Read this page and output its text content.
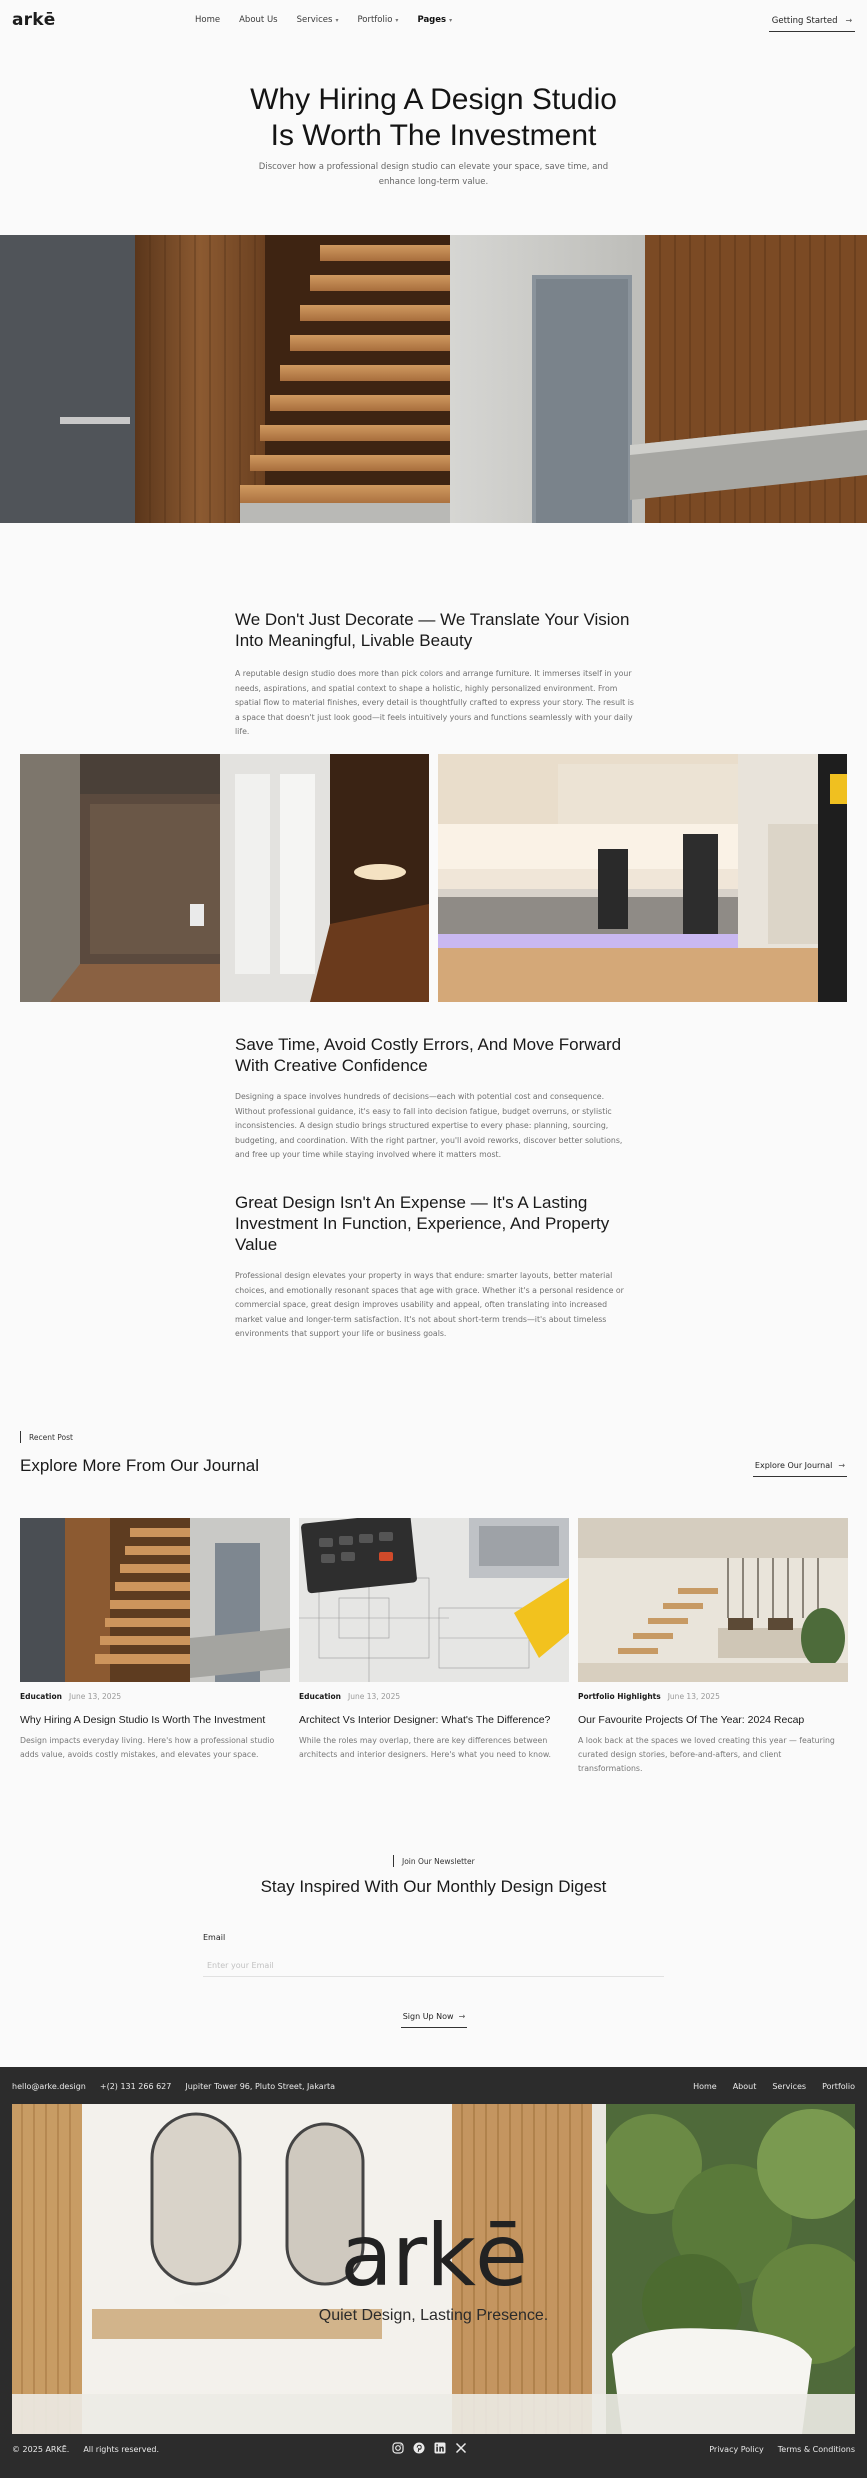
arkē	Home About Us Services ▾ Portfolio ▾ Pages ▾	Getting Started →
Why Hiring A Design Studio
Is Worth The Investment

Discover how a professional design studio can elevate your space, save time, and enhance long-term value.

We Don't Just Decorate — We Translate Your Vision Into Meaningful, Livable Beauty

A reputable design studio does more than pick colors and arrange furniture. It immerses itself in your needs, aspirations, and spatial context to shape a holistic, highly personalized environment. From spatial flow to material finishes, every detail is thoughtfully crafted to express your story. The result is a space that doesn't just look good—it feels intuitively yours and functions seamlessly with your daily life.

Save Time, Avoid Costly Errors, And Move Forward With Creative Confidence

Designing a space involves hundreds of decisions—each with potential cost and consequence. Without professional guidance, it's easy to fall into decision fatigue, budget overruns, or stylistic inconsistencies. A design studio brings structured expertise to every phase: planning, sourcing, budgeting, and coordination. With the right partner, you'll avoid reworks, discover better solutions, and free up your time while staying involved where it matters most.

Great Design Isn't An Expense — It's A Lasting Investment In Function, Experience, And Property Value

Professional design elevates your property in ways that endure: smarter layouts, better material choices, and emotionally resonant spaces that age with grace. Whether it's a personal residence or commercial space, great design improves usability and appeal, often translating into increased market value and longer-term satisfaction. It's not about short-term trends—it's about timeless environments that support your life or business goals.

Recent Post
Explore More From Our Journal	Explore Our Journal →
Education June 13, 2025
Why Hiring A Design Studio Is Worth The Investment

Design impacts everyday living. Here's how a professional studio adds value, avoids costly mistakes, and elevates your space.

Education June 13, 2025
Architect Vs Interior Designer: What's The Difference?

While the roles may overlap, there are key differences between architects and interior designers. Here's what you need to know.

Portfolio Highlights June 13, 2025
Our Favourite Projects Of The Year: 2024 Recap

A look back at the spaces we loved creating this year — featuring curated design stories, before-and-afters, and client transformations.

Join Our Newsletter
Stay Inspired With Our Monthly Design Digest
Email
Enter your Email
Sign Up Now →
hello@arke.design +(2) 131 266 627 Jupiter Tower 96, Pluto Street, Jakarta	Home About Services Portfolio
arkē
Quiet Design, Lasting Presence.
© 2025 ARKĒ. All rights reserved.	Privacy Policy Terms & Conditions
